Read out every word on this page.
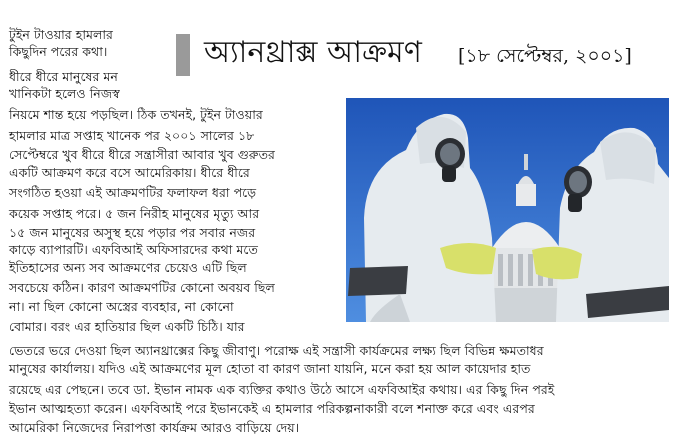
অ্যানথ্রাক্স আক্রমণ [১৮ সেপ্টেম্বর, ২০০১]
টুইন টাওয়ার হামলার
কিছুদিন পরের কথা।
ধীরে ধীরে মানুষের মন
খানিকটা হলেও নিজস্ব
নিয়মে শান্ত হয়ে পড়ছিল। ঠিক তখনই, টুইন টাওয়ার
হামলার মাত্র সপ্তাহ খানেক পর ২০০১ সালের ১৮
সেপ্টেম্বরে খুব ধীরে ধীরে সন্ত্রাসীরা আবার খুব গুরুতর
একটি আক্রমণ করে বসে আমেরিকায়। ধীরে ধীরে
সংগঠিত হওয়া এই আক্রমণটির ফলাফল ধরা পড়ে
কয়েক সপ্তাহ পরে। ৫ জন নিরীহ মানুষের মৃত্যু আর
১৫ জন মানুষের অসুস্থ হয়ে পড়ার পর সবার নজর
কাড়ে ব্যাপারটি। এফবিআই অফিসারদের কথা মতে
ইতিহাসের অন্য সব আক্রমণের চেয়েও এটি ছিল
সবচেয়ে কঠিন। কারণ আক্রমণটির কোনো অবয়ব ছিল
না। না ছিল কোনো অস্ত্রের ব্যবহার, না কোনো
বোমার। বরং এর হাতিয়ার ছিল একটি চিঠি। যার
ভেতরে ভরে দেওয়া ছিল অ্যানথ্রাক্সের কিছু জীবাণু। পরোক্ষ এই সন্ত্রাসী কার্যক্রমের লক্ষ্য ছিল বিভিন্ন ক্ষমতাধর
মানুষের কার্যালয়। যদিও এই আক্রমণের মূল হোতা বা কারণ জানা যায়নি, মনে করা হয় আল কায়েদার হাত
রয়েছে এর পেছনে। তবে ডা. ইভান নামক এক ব্যক্তির কথাও উঠে আসে এফবিআইর কথায়। এর কিছু দিন পরই
ইভান আত্মহত্যা করেন। এফবিআই পরে ইভানকেই এ হামলার পরিকল্পনাকারী বলে শনাক্ত করে এবং এরপর
আমেরিকা নিজেদের নিরাপত্তা কার্যক্রম আরও বাড়িয়ে দেয়।
